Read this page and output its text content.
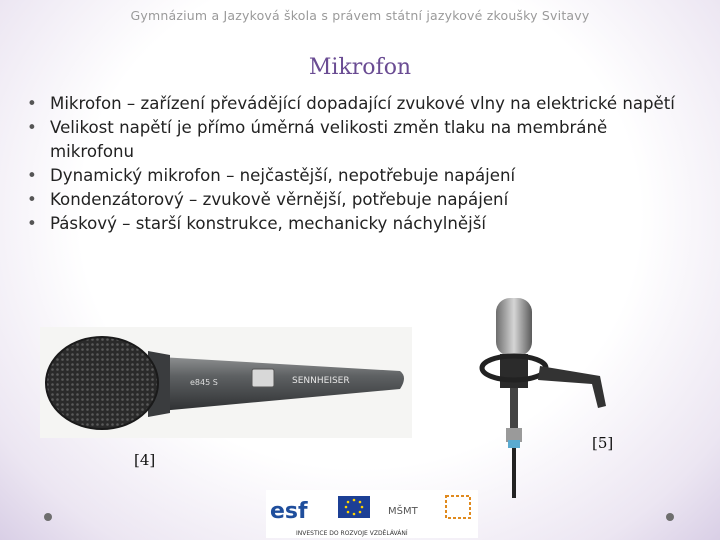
Gymnázium a Jazyková škola s právem státní jazykové zkoušky Svitavy
Mikrofon
• Mikrofon – zařízení převádějící dopadající zvukové vlny na elektrické napětí
• Velikost napětí je přímo úměrná velikosti změn tlaku na membráně mikrofonu
• Dynamický mikrofon – nejčastější, nepotřebuje napájení
• Kondenzátorový – zvukově věrnější, potřebuje napájení
• Páskový – starší konstrukce, mechanicky náchylnější
e845 S	SENNHEISER
[4]
[5]
esf	MŠMT
INVESTICE DO ROZVOJE VZDĚLÁVÁNÍ
